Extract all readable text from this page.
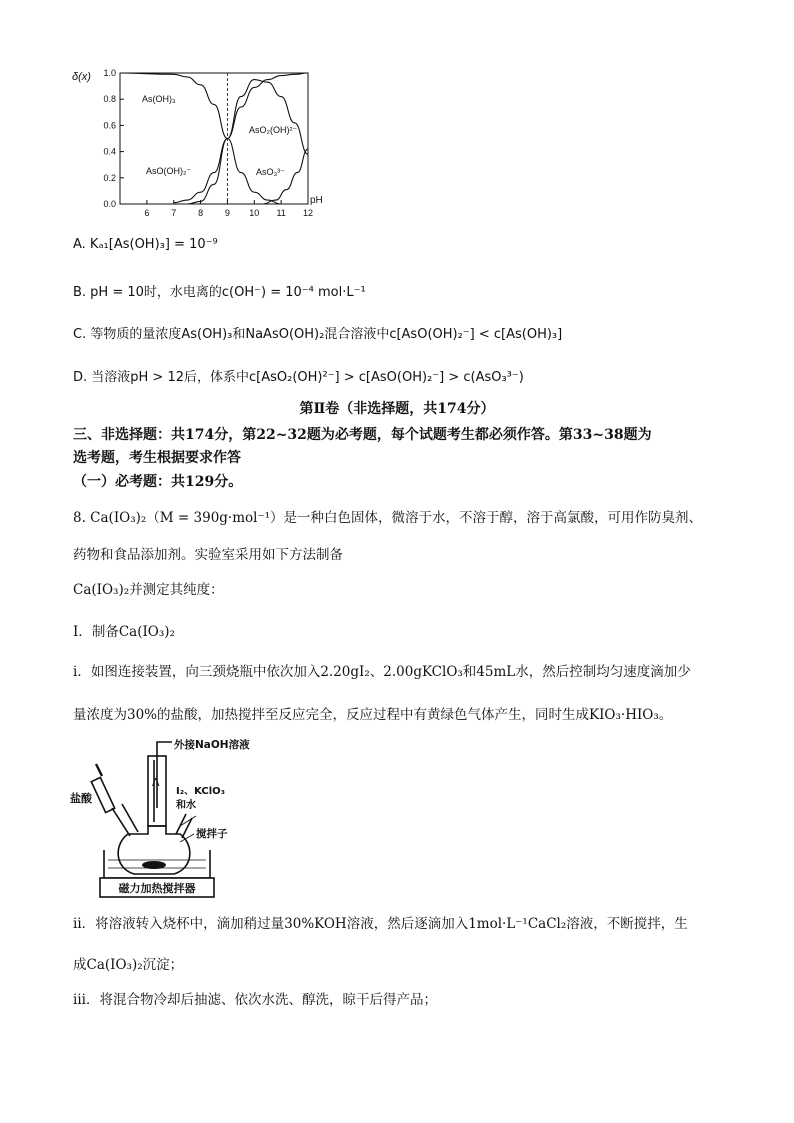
δ(x)
0.0
0.2
0.4
0.6
0.8
1.0
6 7 8 9 10 11 12
As(OH)₃
AsO(OH)₂⁻
AsO₂(OH)²⁻
AsO₃³⁻
pH
A. Kₐ₁[As(OH)₃] = 10⁻⁹
B. pH = 10时，水电离的c(OH⁻) = 10⁻⁴ mol·L⁻¹
C. 等物质的量浓度As(OH)₃和NaAsO(OH)₂混合溶液中c[AsO(OH)₂⁻] < c[As(OH)₃]
D. 当溶液pH > 12后，体系中c[AsO₂(OH)²⁻] > c[AsO(OH)₂⁻] > c(AsO₃³⁻)
第Ⅱ卷（非选择题，共174分）
三、非选择题：共174分，第22~32题为必考题，每个试题考生都必须作答。第33~38题为
选考题，考生根据要求作答
（一）必考题：共129分。
8. Ca(IO₃)₂（M = 390g·mol⁻¹）是一种白色固体，微溶于水，不溶于醇，溶于高氯酸，可用作防臭剂、
药物和食品添加剂。实验室采用如下方法制备
Ca(IO₃)₂并测定其纯度：
Ⅰ．制备Ca(IO₃)₂
ⅰ．如图连接装置，向三颈烧瓶中依次加入2.20gI₂、2.00gKClO₃和45mL水，然后控制均匀速度滴加少
量浓度为30%的盐酸，加热搅拌至反应完全，反应过程中有黄绿色气体产生，同时生成KIO₃·HIO₃。
Λ
外接NaOH溶液
I₂、KClO₃
和水
盐酸
搅拌子
磁力加热搅拌器
ⅱ．将溶液转入烧杯中，滴加稍过量30%KOH溶液，然后逐滴加入1mol·L⁻¹CaCl₂溶液，不断搅拌，生
成Ca(IO₃)₂沉淀；
ⅲ．将混合物冷却后抽滤、依次水洗、醇洗，晾干后得产品；
